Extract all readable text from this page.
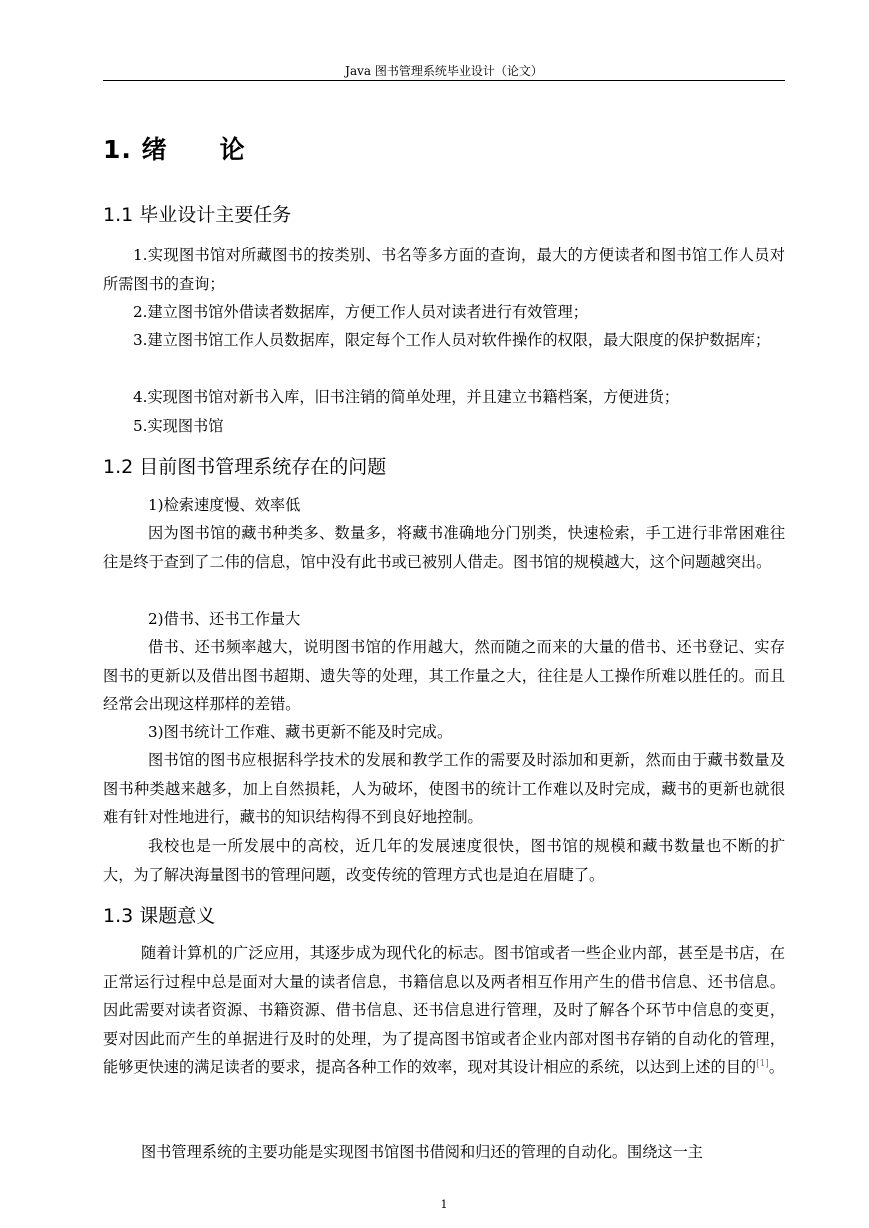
Java 图书管理系统毕业设计（论文）
1. 绪　　论
1.1 毕业设计主要任务
1.实现图书馆对所藏图书的按类别、书名等多方面的查询，最大的方便读者和图书馆工作人员对所需图书的查询；
2.建立图书馆外借读者数据库，方便工作人员对读者进行有效管理；
3.建立图书馆工作人员数据库，限定每个工作人员对软件操作的权限，最大限度的保护数据库；
4.实现图书馆对新书入库，旧书注销的简单处理，并且建立书籍档案，方便进货；
5.实现图书馆
1.2 目前图书管理系统存在的问题
1)检索速度慢、效率低
因为图书馆的藏书种类多、数量多，将藏书准确地分门别类，快速检索，手工进行非常困难往往是终于查到了二伟的信息，馆中没有此书或已被别人借走。图书馆的规模越大，这个问题越突出。
2)借书、还书工作量大
借书、还书频率越大，说明图书馆的作用越大，然而随之而来的大量的借书、还书登记、实存图书的更新以及借出图书超期、遗失等的处理，其工作量之大，往往是人工操作所难以胜任的。而且经常会出现这样那样的差错。
3)图书统计工作难、藏书更新不能及时完成。
图书馆的图书应根据科学技术的发展和教学工作的需要及时添加和更新，然而由于藏书数量及图书种类越来越多，加上自然损耗，人为破坏，使图书的统计工作难以及时完成，藏书的更新也就很难有针对性地进行，藏书的知识结构得不到良好地控制。
我校也是一所发展中的高校，近几年的发展速度很快，图书馆的规模和藏书数量也不断的扩大，为了解决海量图书的管理问题，改变传统的管理方式也是迫在眉睫了。
1.3 课题意义
随着计算机的广泛应用，其逐步成为现代化的标志。图书馆或者一些企业内部，甚至是书店，在正常运行过程中总是面对大量的读者信息，书籍信息以及两者相互作用产生的借书信息、还书信息。因此需要对读者资源、书籍资源、借书信息、还书信息进行管理，及时了解各个环节中信息的变更，要对因此而产生的单据进行及时的处理，为了提高图书馆或者企业内部对图书存销的自动化的管理，能够更快速的满足读者的要求，提高各种工作的效率，现对其设计相应的系统，以达到上述的目的[1]。
图书管理系统的主要功能是实现图书馆图书借阅和归还的管理的自动化。围绕这一主
1
